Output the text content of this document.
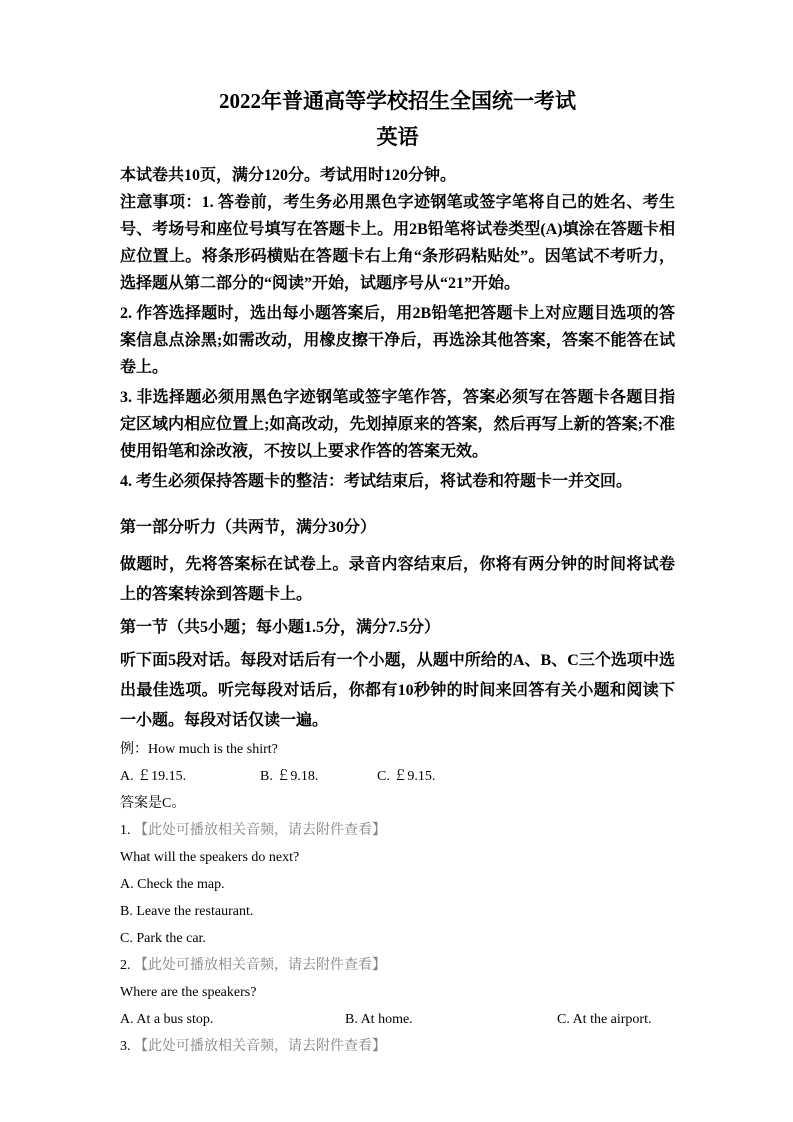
2022年普通高等学校招生全国统一考试
英语

本试卷共10页，满分120分。考试用时120分钟。

注意事项：1. 答卷前，考生务必用黑色字迹钢笔或签字笔将自己的姓名、考生号、考场号和座位号填写在答题卡上。用2B铅笔将试卷类型(A)填涂在答题卡相应位置上。将条形码横贴在答题卡右上角“条形码粘贴处”。因笔试不考听力，选择题从第二部分的“阅读”开始，试题序号从“21”开始。

2. 作答选择题时，选出每小题答案后，用2B铅笔把答题卡上对应题目选项的答案信息点涂黑;如需改动，用橡皮擦干净后，再选涂其他答案，答案不能答在试卷上。

3. 非选择题必须用黑色字迹钢笔或签字笔作答，答案必须写在答题卡各题目指定区域内相应位置上;如高改动，先划掉原来的答案，然后再写上新的答案;不准使用铅笔和涂改液，不按以上要求作答的答案无效。

4. 考生必须保持答题卡的整洁：考试结束后，将试卷和符题卡一并交回。

第一部分听力（共两节，满分30分）

做题时，先将答案标在试卷上。录音内容结束后，你将有两分钟的时间将试卷上的答案转涂到答题卡上。

第一节（共5小题；每小题1.5分，满分7.5分）

听下面5段对话。每段对话后有一个小题，从题中所给的A、B、C三个选项中选出最佳选项。听完每段对话后，你都有10秒钟的时间来回答有关小题和阅读下一小题。每段对话仅读一遍。

例：How much is the shirt?

A. ￡19.15.	B. ￡9.18.	C. ￡9.15.

答案是C。

1. 【此处可播放相关音频，请去附件查看】

What will the speakers do next?

A. Check the map.

B. Leave the restaurant.

C. Park the car.

2. 【此处可播放相关音频，请去附件查看】

Where are the speakers?

A. At a bus stop.	B. At home.	C. At the airport.

3. 【此处可播放相关音频，请去附件查看】
